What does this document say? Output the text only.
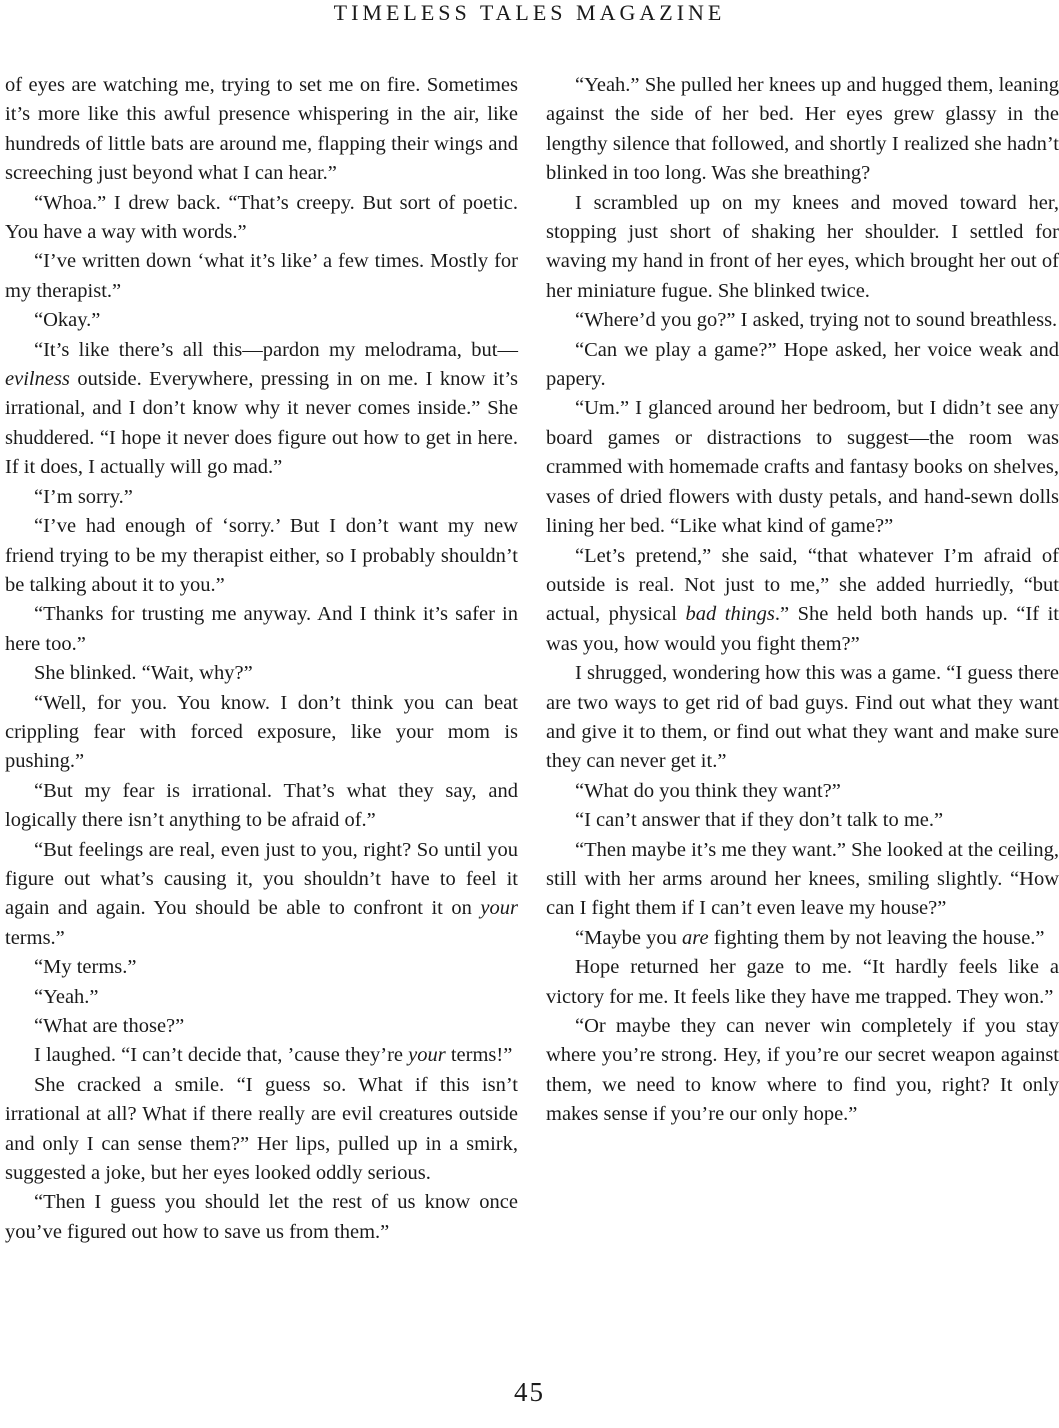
TIMELESS TALES MAGAZINE

of eyes are watching me, trying to set me on fire. Sometimes it’s more like this awful presence whispering in the air, like hundreds of little bats are around me, flapping their wings and screeching just beyond what I can hear.”

“Whoa.” I drew back. “That’s creepy. But sort of poetic. You have a way with words.”

“I’ve written down ‘what it’s like’ a few times. Mostly for my therapist.”

“Okay.”

“It’s like there’s all this—pardon my melodrama, but—evilness outside. Everywhere, pressing in on me. I know it’s irrational, and I don’t know why it never comes inside.” She shuddered. “I hope it never does figure out how to get in here. If it does, I actually will go mad.”

“I’m sorry.”

“I’ve had enough of ‘sorry.’ But I don’t want my new friend trying to be my therapist either, so I probably shouldn’t be talking about it to you.”

“Thanks for trusting me anyway. And I think it’s safer in here too.”

She blinked. “Wait, why?”

“Well, for you. You know. I don’t think you can beat crippling fear with forced exposure, like your mom is pushing.”

“But my fear is irrational. That’s what they say, and logically there isn’t anything to be afraid of.”

“But feelings are real, even just to you, right? So until you figure out what’s causing it, you shouldn’t have to feel it again and again. You should be able to confront it on your terms.”

“My terms.”

“Yeah.”

“What are those?”

I laughed. “I can’t decide that, ’cause they’re your terms!”

She cracked a smile. “I guess so. What if this isn’t irrational at all? What if there really are evil creatures outside and only I can sense them?” Her lips, pulled up in a smirk, suggested a joke, but her eyes looked oddly serious.

“Then I guess you should let the rest of us know once you’ve figured out how to save us from them.”

“Yeah.” She pulled her knees up and hugged them, leaning against the side of her bed. Her eyes grew glassy in the lengthy silence that followed, and shortly I realized she hadn’t blinked in too long. Was she breathing?

I scrambled up on my knees and moved toward her, stopping just short of shaking her shoulder. I settled for waving my hand in front of her eyes, which brought her out of her miniature fugue. She blinked twice.

“Where’d you go?” I asked, trying not to sound breathless.

“Can we play a game?” Hope asked, her voice weak and papery.

“Um.” I glanced around her bedroom, but I didn’t see any board games or distractions to suggest—the room was crammed with homemade crafts and fantasy books on shelves, vases of dried flowers with dusty petals, and hand-sewn dolls lining her bed. “Like what kind of game?”

“Let’s pretend,” she said, “that whatever I’m afraid of outside is real. Not just to me,” she added hurriedly, “but actual, physical bad things.” She held both hands up. “If it was you, how would you fight them?”

I shrugged, wondering how this was a game. “I guess there are two ways to get rid of bad guys. Find out what they want and give it to them, or find out what they want and make sure they can never get it.”

“What do you think they want?”

“I can’t answer that if they don’t talk to me.”

“Then maybe it’s me they want.” She looked at the ceiling, still with her arms around her knees, smiling slightly. “How can I fight them if I can’t even leave my house?”

“Maybe you are fighting them by not leaving the house.”

Hope returned her gaze to me. “It hardly feels like a victory for me. It feels like they have me trapped. They won.”

“Or maybe they can never win completely if you stay where you’re strong. Hey, if you’re our secret weapon against them, we need to know where to find you, right? It only makes sense if you’re our only hope.”

45
